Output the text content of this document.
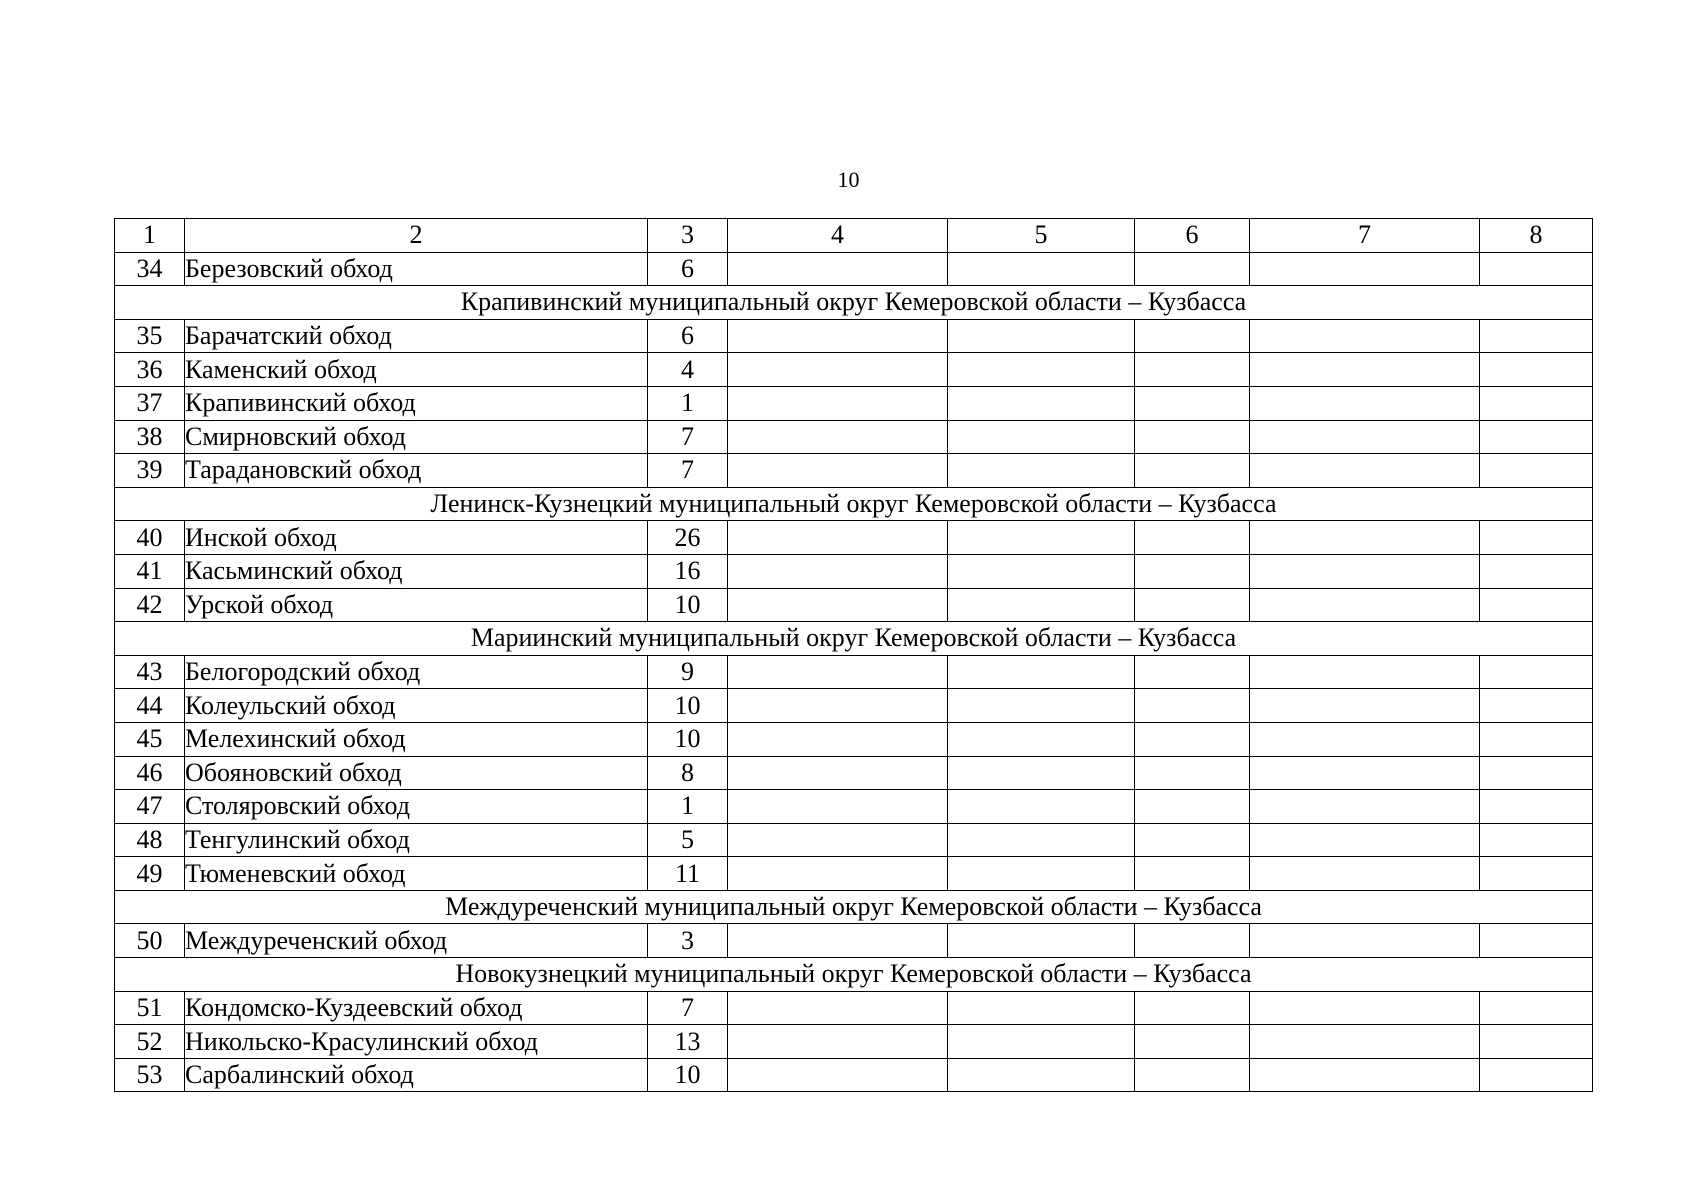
10
1	2	3	4	5	6	7	8
34	Березовский обход	6					
Крапивинский муниципальный округ Кемеровской области – Кузбасса							
35	Барачатский обход	6					
36	Каменский обход	4					
37	Крапивинский обход	1					
38	Смирновский обход	7					
39	Тараданoвский обход	7					
Ленинск-Кузнецкий муниципальный округ Кемеровской области – Кузбасса							
40	Инской обход	26					
41	Касьминский обход	16					
42	Урской обход	10					
Мариинский муниципальный округ Кемеровской области – Кузбасса							
43	Белогородский обход	9					
44	Колеульский обход	10					
45	Мелехинский обход	10					
46	Обояновский обход	8					
47	Столяровский обход	1					
48	Тенгулинский обход	5					
49	Тюменевский обход	11					
Междуреченский муниципальный округ Кемеровской области – Кузбасса							
50	Междуреченский обход	3					
Новокузнецкий муниципальный округ Кемеровской области – Кузбасса							
51	Кондомско-Куздеевский обход	7					
52	Никольско-Красулинский обход	13					
53	Сарбалинский обход	10					
